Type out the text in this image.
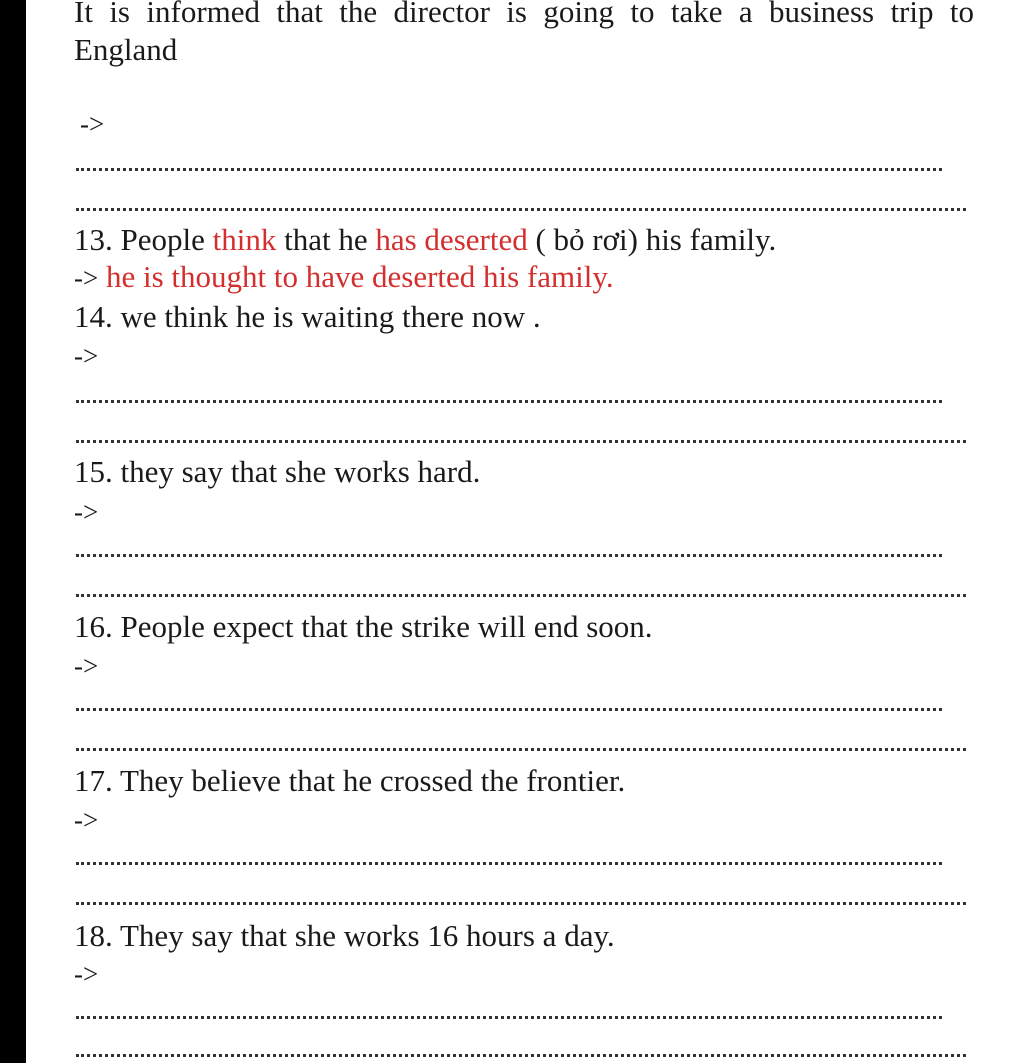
It is informed that the director is going to take a business trip to
England
->
13. People think that he has deserted ( bỏ rơi) his family.
-> he is thought to have deserted his family.
14. we think he is waiting there now .
->
15. they say that she works hard.
->
16. People expect that the strike will end soon.
->
17. They believe that he crossed the frontier.
->
18. They say that she works 16 hours a day.
->
